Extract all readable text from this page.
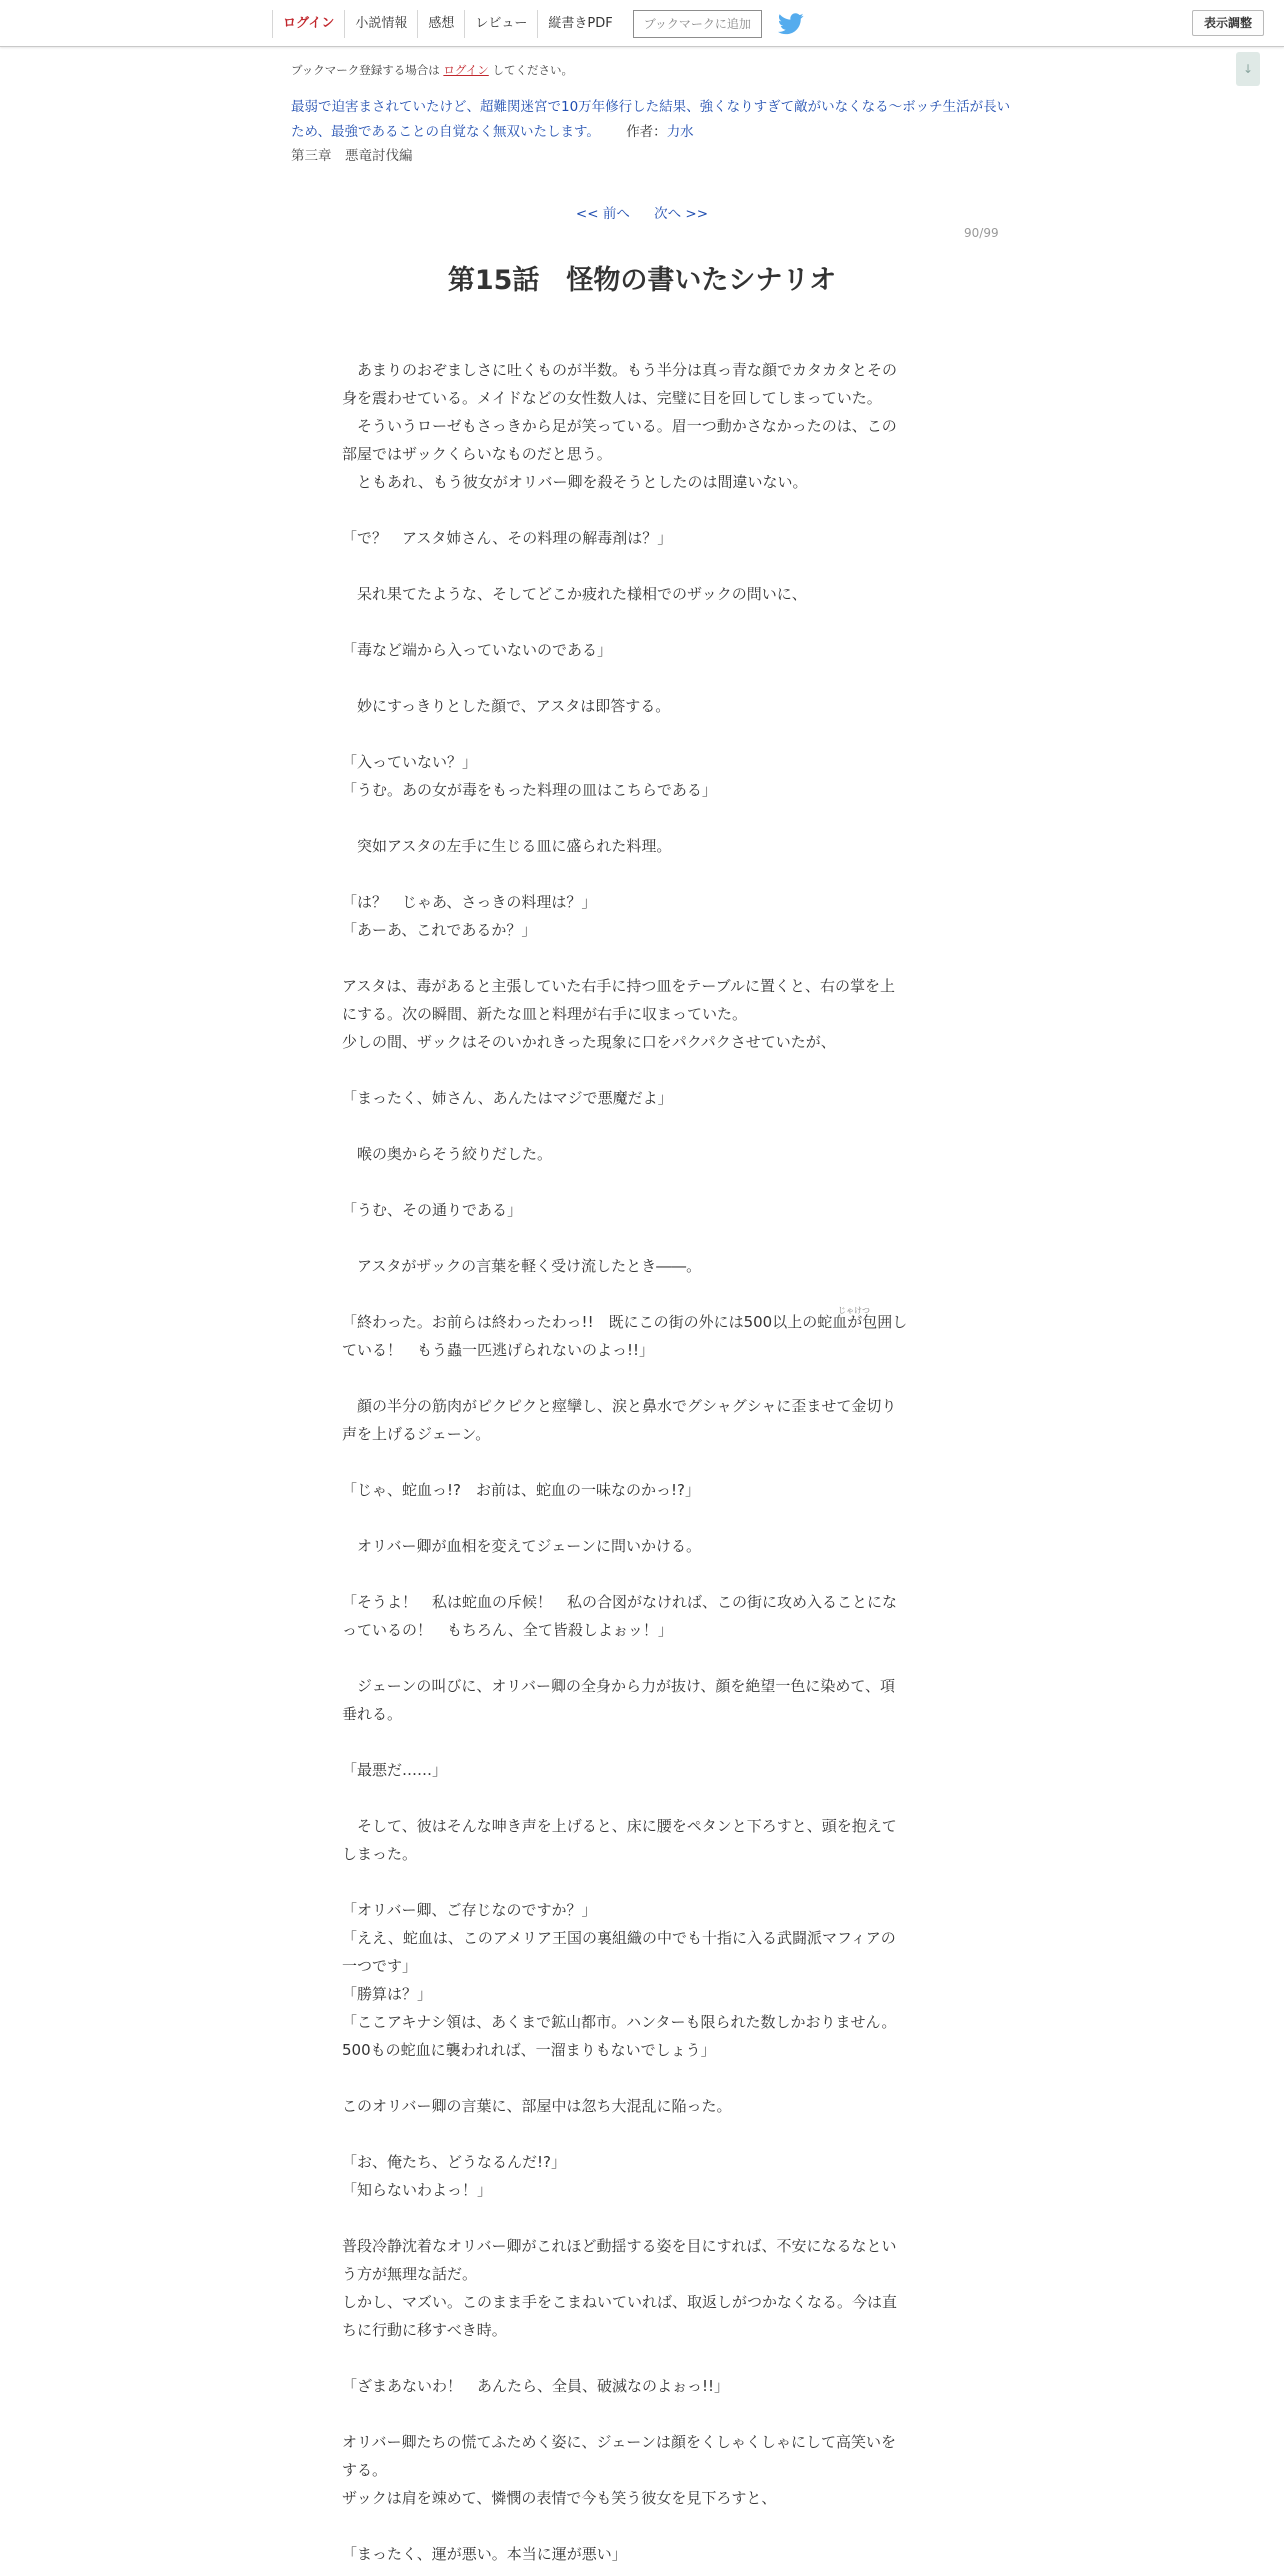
ログイン	小説情報	感想	レビュー	縦書きPDF	ブックマークに追加	表示調整
↓
ブックマーク登録する場合は ログイン してください。
最弱で迫害まされていたけど、超難関迷宮で10万年修行した結果、強くなりすぎて敵がいなくなる～ボッチ生活が長いため、最強であることの自覚なく無双いたします。 作者：力水
第三章　悪竜討伐編
<< 前へ 次へ >>
90/99
第15話　怪物の書いたシナリオ
じゃけつ
　あまりのおぞましさに吐くものが半数。もう半分は真っ青な顔でカタカタとその
身を震わせている。メイドなどの女性数人は、完璧に目を回してしまっていた。
　そういうローゼもさっきから足が笑っている。眉一つ動かさなかったのは、この
部屋ではザックくらいなものだと思う。
　ともあれ、もう彼女がオリバー卿を殺そうとしたのは間違いない。
「で？　アスタ姉さん、その料理の解毒剤は？」
　呆れ果てたような、そしてどこか疲れた様相でのザックの問いに、
「毒など端から入っていないのである」
　妙にすっきりとした顔で、アスタは即答する。
「入っていない？」
「うむ。あの女が毒をもった料理の皿はこちらである」
　突如アスタの左手に生じる皿に盛られた料理。
「は？　じゃあ、さっきの料理は？」
「あーあ、これであるか？」
アスタは、毒があると主張していた右手に持つ皿をテーブルに置くと、右の掌を上
にする。次の瞬間、新たな皿と料理が右手に収まっていた。
少しの間、ザックはそのいかれきった現象に口をパクパクさせていたが、
「まったく、姉さん、あんたはマジで悪魔だよ」
　喉の奥からそう絞りだした。
「うむ、その通りである」
　アスタがザックの言葉を軽く受け流したとき――。
「終わった。お前らは終わったわっ!!　既にこの街の外には500以上の蛇血が包囲し
ている！　もう蟲一匹逃げられないのよっ!!」
　顔の半分の筋肉がピクピクと痙攣し、涙と鼻水でグシャグシャに歪ませて金切り
声を上げるジェーン。
「じゃ、蛇血っ!?　お前は、蛇血の一味なのかっ!?」
　オリバー卿が血相を変えてジェーンに問いかける。
「そうよ！　私は蛇血の斥候！　私の合図がなければ、この街に攻め入ることにな
っているの！　もちろん、全て皆殺しよぉッ！」
　ジェーンの叫びに、オリバー卿の全身から力が抜け、顔を絶望一色に染めて、項
垂れる。
「最悪だ……」
　そして、彼はそんな呻き声を上げると、床に腰をペタンと下ろすと、頭を抱えて
しまった。
「オリバー卿、ご存じなのですか？」
「ええ、蛇血は、このアメリア王国の裏組織の中でも十指に入る武闘派マフィアの
一つです」
「勝算は？」
「ここアキナシ領は、あくまで鉱山都市。ハンターも限られた数しかおりません。
500もの蛇血に襲われれば、一溜まりもないでしょう」
このオリバー卿の言葉に、部屋中は忽ち大混乱に陥った。
「お、俺たち、どうなるんだ!?」
「知らないわよっ！」
普段冷静沈着なオリバー卿がこれほど動揺する姿を目にすれば、不安になるなとい
う方が無理な話だ。
しかし、マズい。このまま手をこまねいていれば、取返しがつかなくなる。今は直
ちに行動に移すべき時。
「ざまあないわ！　あんたら、全員、破滅なのよぉっ!!」
オリバー卿たちの慌てふためく姿に、ジェーンは顔をくしゃくしゃにして高笑いを
する。
ザックは肩を竦めて、憐憫の表情で今も笑う彼女を見下ろすと、
「まったく、運が悪い。本当に運が悪い」
